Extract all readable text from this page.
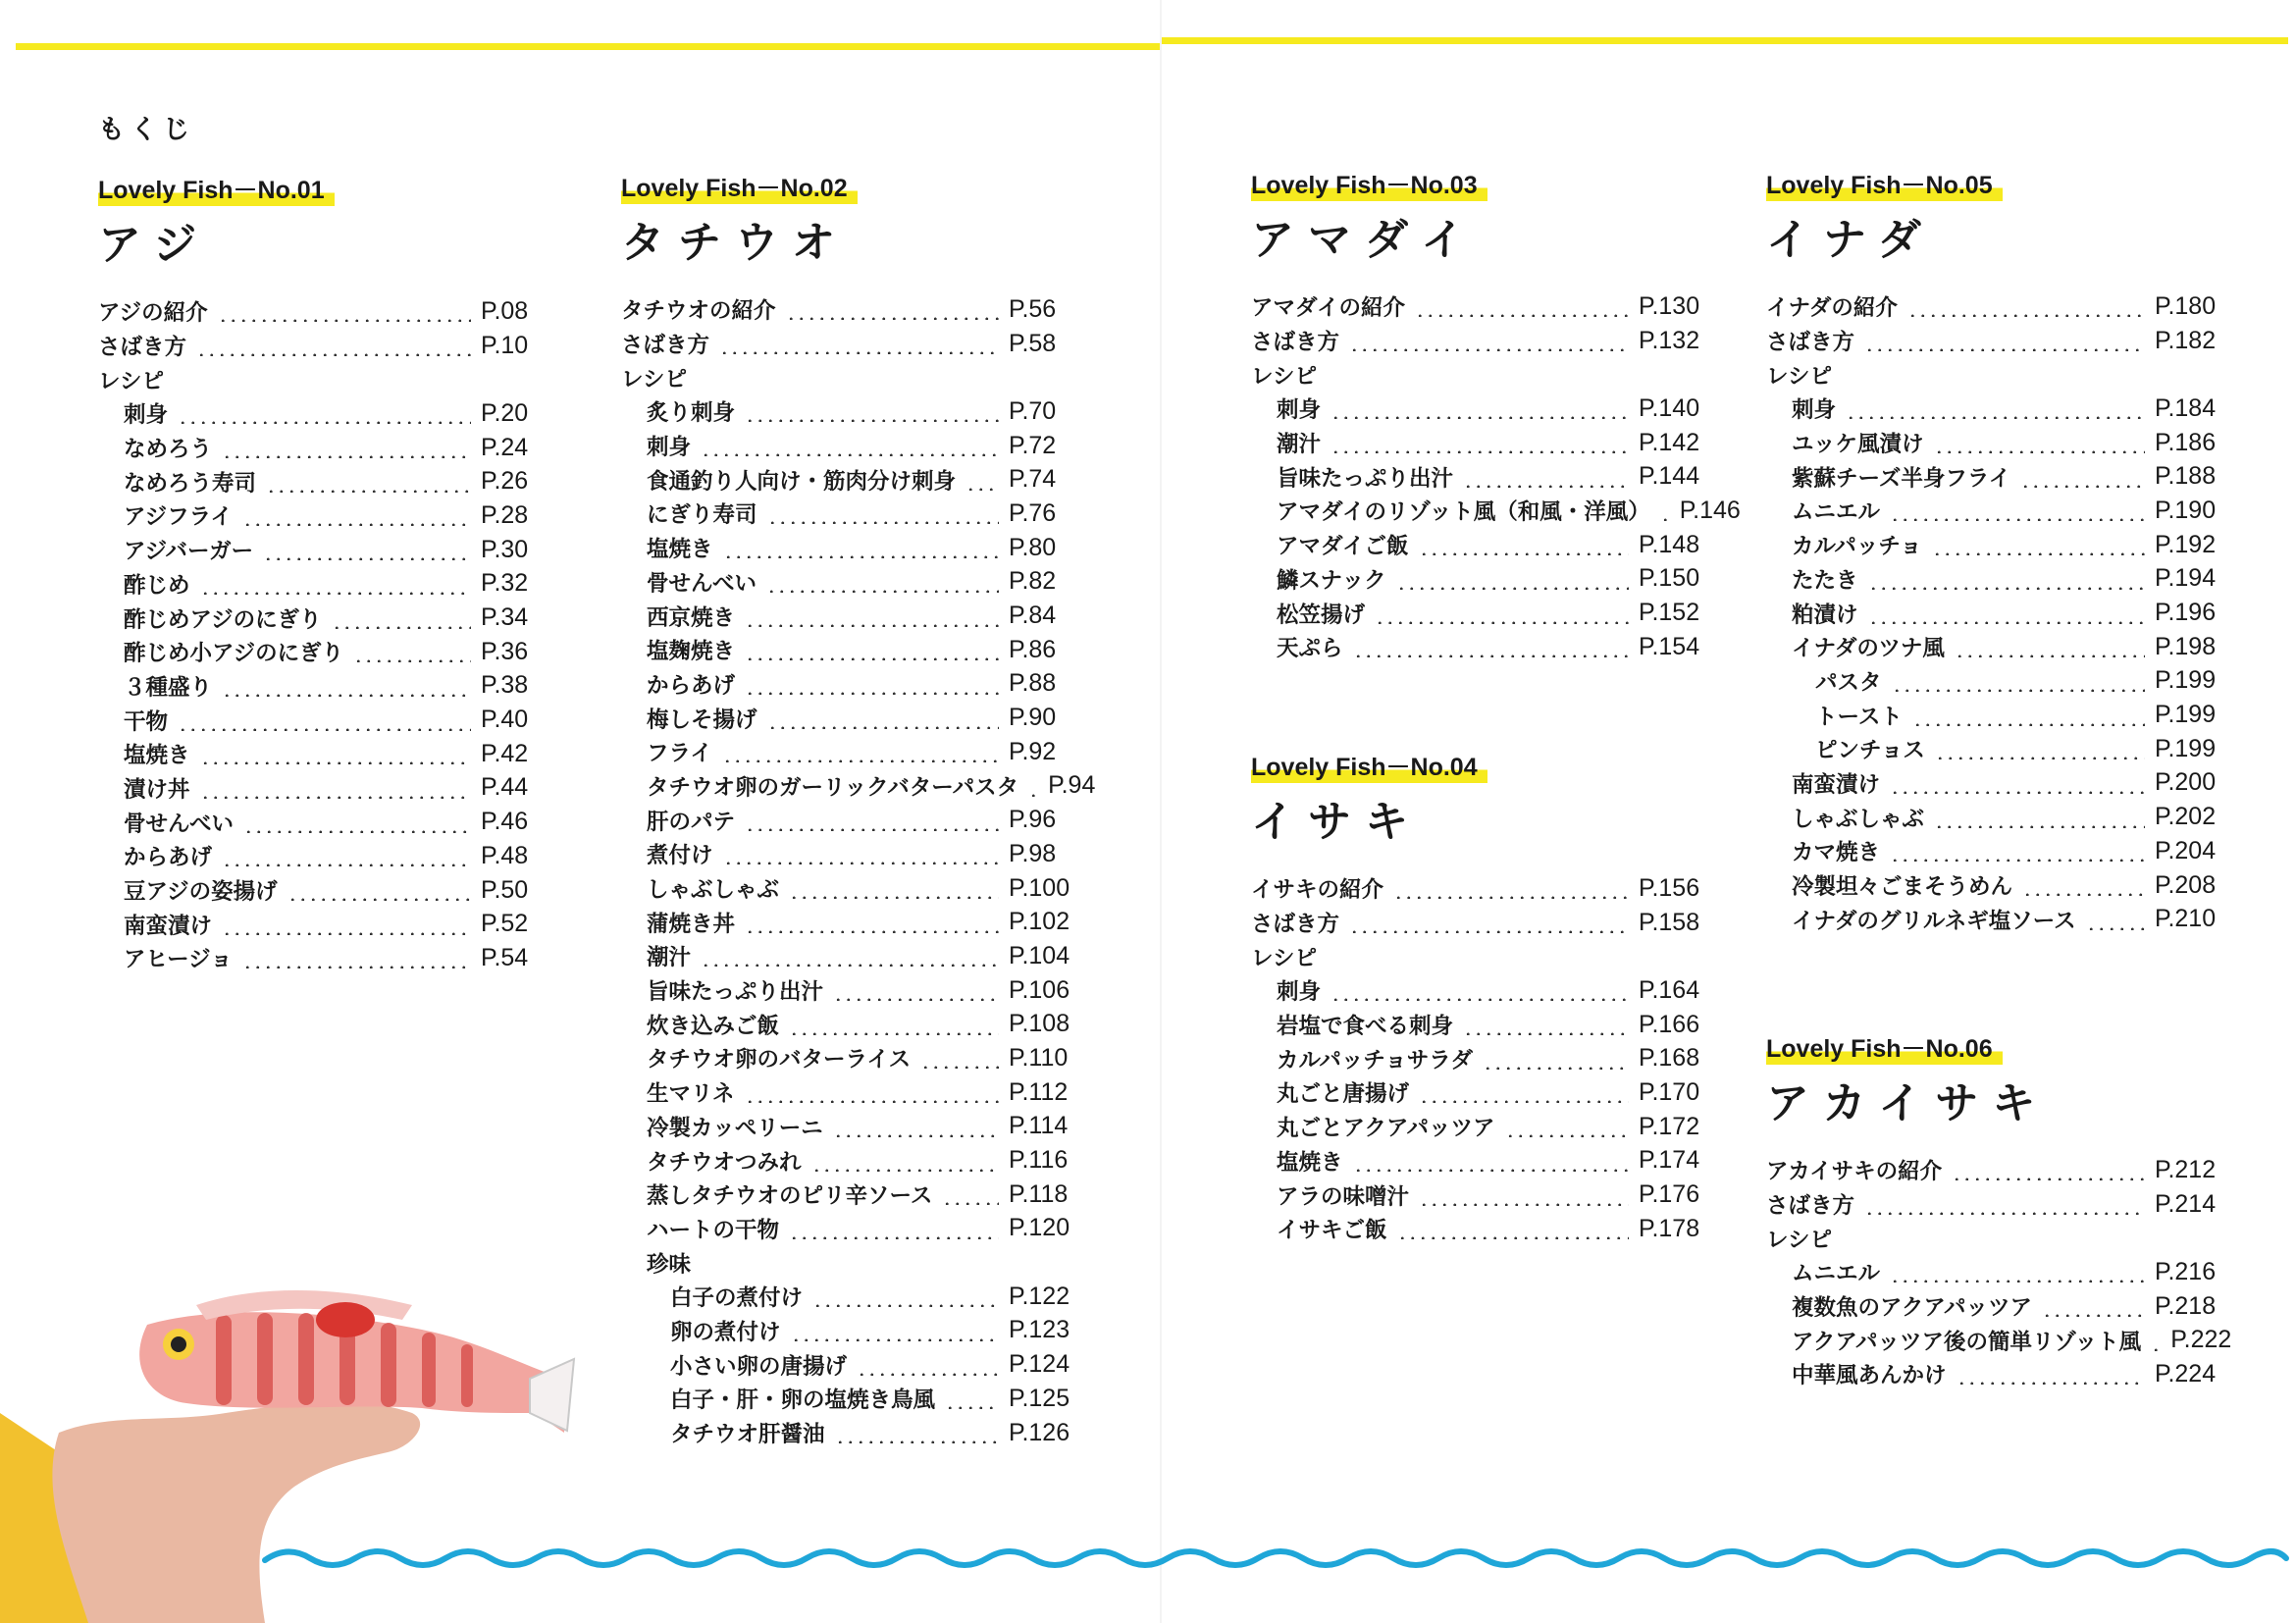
もくじ
Lovely Fish－No.01
アジ
アジの紹介	P.08
さばき方	P.10
レシピ
刺身	P.20
なめろう	P.24
なめろう寿司	P.26
アジフライ	P.28
アジバーガー	P.30
酢じめ	P.32
酢じめアジのにぎり	P.34
酢じめ小アジのにぎり	P.36
３種盛り	P.38
干物	P.40
塩焼き	P.42
漬け丼	P.44
骨せんべい	P.46
からあげ	P.48
豆アジの姿揚げ	P.50
南蛮漬け	P.52
アヒージョ	P.54
Lovely Fish－No.02
タチウオ
タチウオの紹介	P.56
さばき方	P.58
レシピ
炙り刺身	P.70
刺身	P.72
食通釣り人向け・筋肉分け刺身 P.74
にぎり寿司	P.76
塩焼き	P.80
骨せんべい	P.82
西京焼き	P.84
塩麹焼き	P.86
からあげ	P.88
梅しそ揚げ	P.90
フライ	P.92
タチウオ卵のガーリックバターパスタ P.94
肝のパテ	P.96
煮付け	P.98
しゃぶしゃぶ	P.100
蒲焼き丼	P.102
潮汁	P.104
旨味たっぷり出汁	P.106
炊き込みご飯	P.108
タチウオ卵のバターライス	P.110
生マリネ	P.112
冷製カッペリーニ	P.114
タチウオつみれ	P.116
蒸しタチウオのピリ辛ソース	P.118
ハートの干物	P.120
珍味
白子の煮付け	P.122
卵の煮付け	P.123
小さい卵の唐揚げ	P.124
白子・肝・卵の塩焼き鳥風	P.125
タチウオ肝醤油	P.126
Lovely Fish－No.03
アマダイ
アマダイの紹介	P.130
さばき方	P.132
レシピ
刺身	P.140
潮汁	P.142
旨味たっぷり出汁	P.144
アマダイのリゾット風（和風・洋風） P.146
アマダイご飯	P.148
鱗スナック	P.150
松笠揚げ	P.152
天ぷら	P.154
Lovely Fish－No.04
イサキ
イサキの紹介	P.156
さばき方	P.158
レシピ
刺身	P.164
岩塩で食べる刺身	P.166
カルパッチョサラダ	P.168
丸ごと唐揚げ	P.170
丸ごとアクアパッツア	P.172
塩焼き	P.174
アラの味噌汁	P.176
イサキご飯	P.178
Lovely Fish－No.05
イナダ
イナダの紹介	P.180
さばき方	P.182
レシピ
刺身	P.184
ユッケ風漬け	P.186
紫蘇チーズ半身フライ	P.188
ムニエル	P.190
カルパッチョ	P.192
たたき	P.194
粕漬け	P.196
イナダのツナ風	P.198
パスタ	P.199
トースト	P.199
ピンチョス	P.199
南蛮漬け	P.200
しゃぶしゃぶ	P.202
カマ焼き	P.204
冷製坦々ごまそうめん	P.208
イナダのグリルネギ塩ソース	P.210
Lovely Fish－No.06
アカイサキ
アカイサキの紹介	P.212
さばき方	P.214
レシピ
ムニエル	P.216
複数魚のアクアパッツア	P.218
アクアパッツア後の簡単リゾット風 P.222
中華風あんかけ	P.224
